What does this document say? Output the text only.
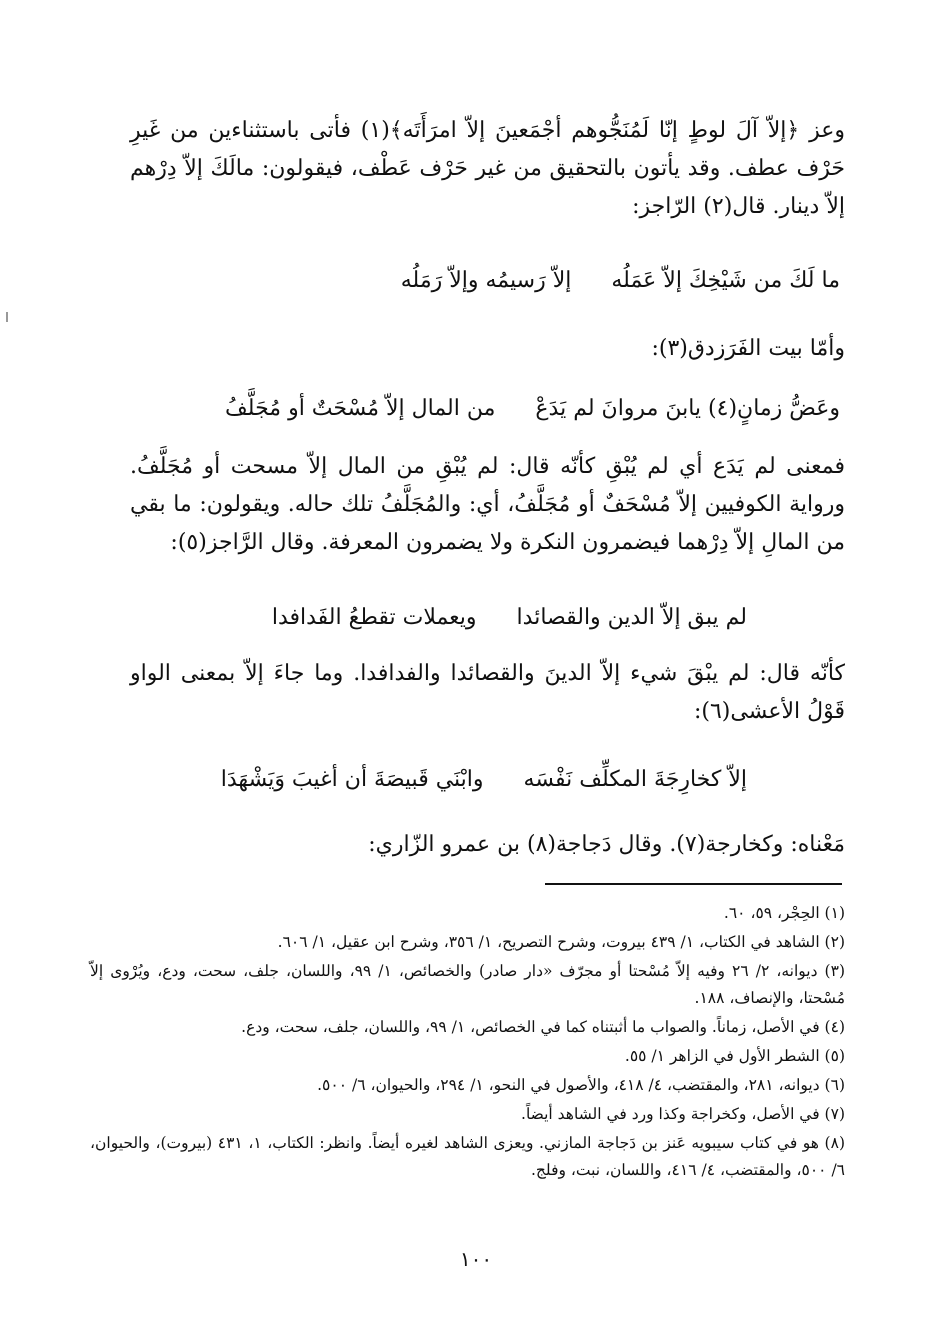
وعز ﴿إلاّ آلَ لوطٍ إنّا لَمُنَجُّوهم أجْمَعينَ إلاّ امرَأَتَه﴾(١) فأتى باستثناءين من غَيرِ حَرْف عطف. وقد يأتون بالتحقيق من غير حَرْف عَطْف، فيقولون: مالَكَ إلاّ دِرْهم إلاّ دينار. قال(٢) الرّاجز:

ما لَكَ من شَيْخِكَ إلاّ عَمَلُه
إلاّ رَسيمُه وإلاّ رَمَلُه

وأمّا بيت الفَرَزدق(٣):

وعَضُّ زمانٍ(٤) يابنَ مروانَ لم يَدَعْ
من المال إلاّ مُسْحَتٌ أو مُجَلَّفُ

فمعنى لم يَدَع أي لم يُبْقِ كأنّه قال: لم يُبْقِ من المال إلاّ مسحت أو مُجَلَّفُ. ورواية الكوفيين إلاّ مُسْحَفٌ أو مُجَلَّفُ، أي: والمُجَلَّفُ تلك حاله. ويقولون: ما بقي من المالِ إلاّ دِرْهما فيضمرون النكرة ولا يضمرون المعرفة. وقال الرَّاجز(٥):

لم يبق إلاّ الدين والقصائدا
ويعملات تقطعُ الفَدافدا

كأنّه قال: لم يبْقَ شيء إلاّ الدينَ والقصائدا والفدافدا. وما جاءَ إلاّ بمعنى الواو قَوْلُ الأعشى(٦):

إلاّ كخارِجَةَ المكلِّف نَفْسَه
وابْنَي قَبيصَةَ أن أغيبَ وَيَشْهَدَا

مَعْناه: وكخارجة(٧). وقال دَجاجة(٨) بن عمرو الزّاري:

(١) الحِجْر، ٥٩، ٦٠.

(٢) الشاهد في الكتاب، ١/ ٤٣٩ بيروت، وشرح التصريح، ١/ ٣٥٦، وشرح ابن عقيل، ١/ ٦٠٦.

(٣) ديوانه، ٢/ ٢٦ وفيه إلاّ مُسْحتا أو مجرّف «دار صادر) والخصائص، ١/ ٩٩، واللسان، جلف، سحت، ودع، ويُرْوى إلاّ مُسْحتا، والإنصاف، ١٨٨.

(٤) في الأصل، زماناً. والصواب ما أثبتناه كما في الخصائص، ١/ ٩٩، واللسان، جلف، سحت، ودع.

(٥) الشطر الأول في الزاهر ١/ ٥٥.

(٦) ديوانه، ٢٨١، والمقتضب، ٤/ ٤١٨، والأصول في النحو، ١/ ٢٩٤، والحيوان، ٦/ ٥٠٠.

(٧) في الأصل، وكخراجة وكذا ورد في الشاهد أيضاً.

(٨) هو في كتاب سيبويه عَنز بن دَجاجة المازني. ويعزى الشاهد لغيره أيضاً. وانظر: الكتاب، ١، ٤٣١ (بيروت)، والحيوان، ٦/ ٥٠٠، والمقتضب، ٤/ ٤١٦، واللسان، نبت، وفلج.

١٠٠
